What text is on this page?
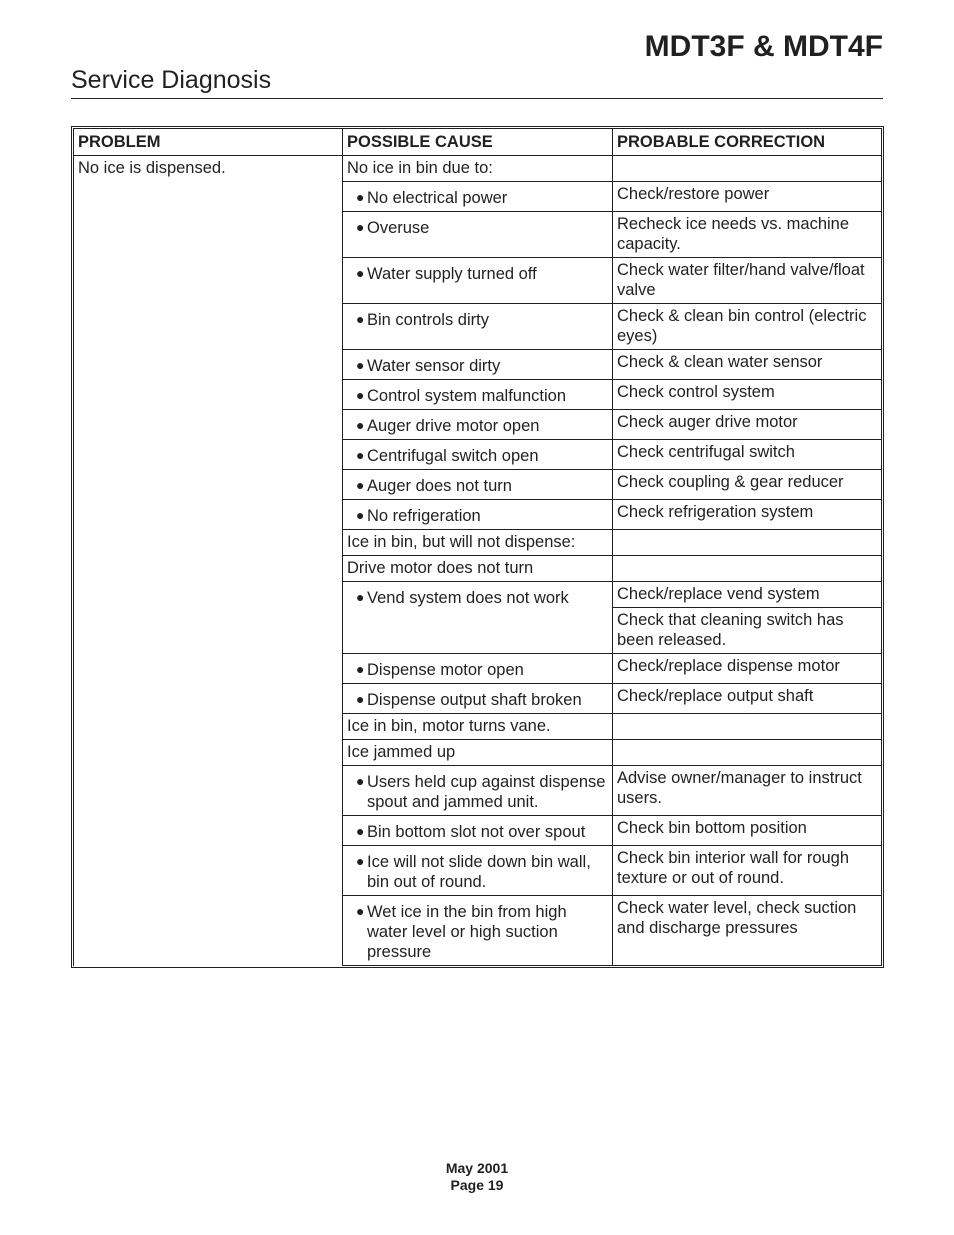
MDT3F & MDT4F
Service Diagnosis
PROBLEM	POSSIBLE CAUSE	PROBABLE CORRECTION
No ice is dispensed.	No ice in bin due to:	

	● No electrical power	Check/restore power

	● Overuse	Recheck ice needs vs. machine capacity.

	● Water supply turned off	Check water filter/hand valve/float valve

	● Bin controls dirty	Check & clean bin control (electric eyes)

	● Water sensor dirty	Check & clean water sensor

	● Control system malfunction	Check control system

	● Auger drive motor open	Check auger drive motor

	● Centrifugal switch open	Check centrifugal switch

	● Auger does not turn	Check coupling & gear reducer

	● No refrigeration	Check refrigeration system
	Ice in bin, but will not dispense:	
	Drive motor does not turn	

	● Vend system does not work	Check/replace vend system
		Check that cleaning switch has been released.

	● Dispense motor open	Check/replace dispense motor

	● Dispense output shaft broken	Check/replace output shaft
	Ice in bin, motor turns vane.	
	Ice jammed up	

	● Users held cup against dispense spout and jammed unit.	Advise owner/manager to instruct users.

	● Bin bottom slot not over spout	Check bin bottom position

	● Ice will not slide down bin wall, bin out of round.	Check bin interior wall for rough texture or out of round.

	● Wet ice in the bin from high water level or high suction pressure	Check water level, check suction and discharge pressures
May 2001
Page 19
